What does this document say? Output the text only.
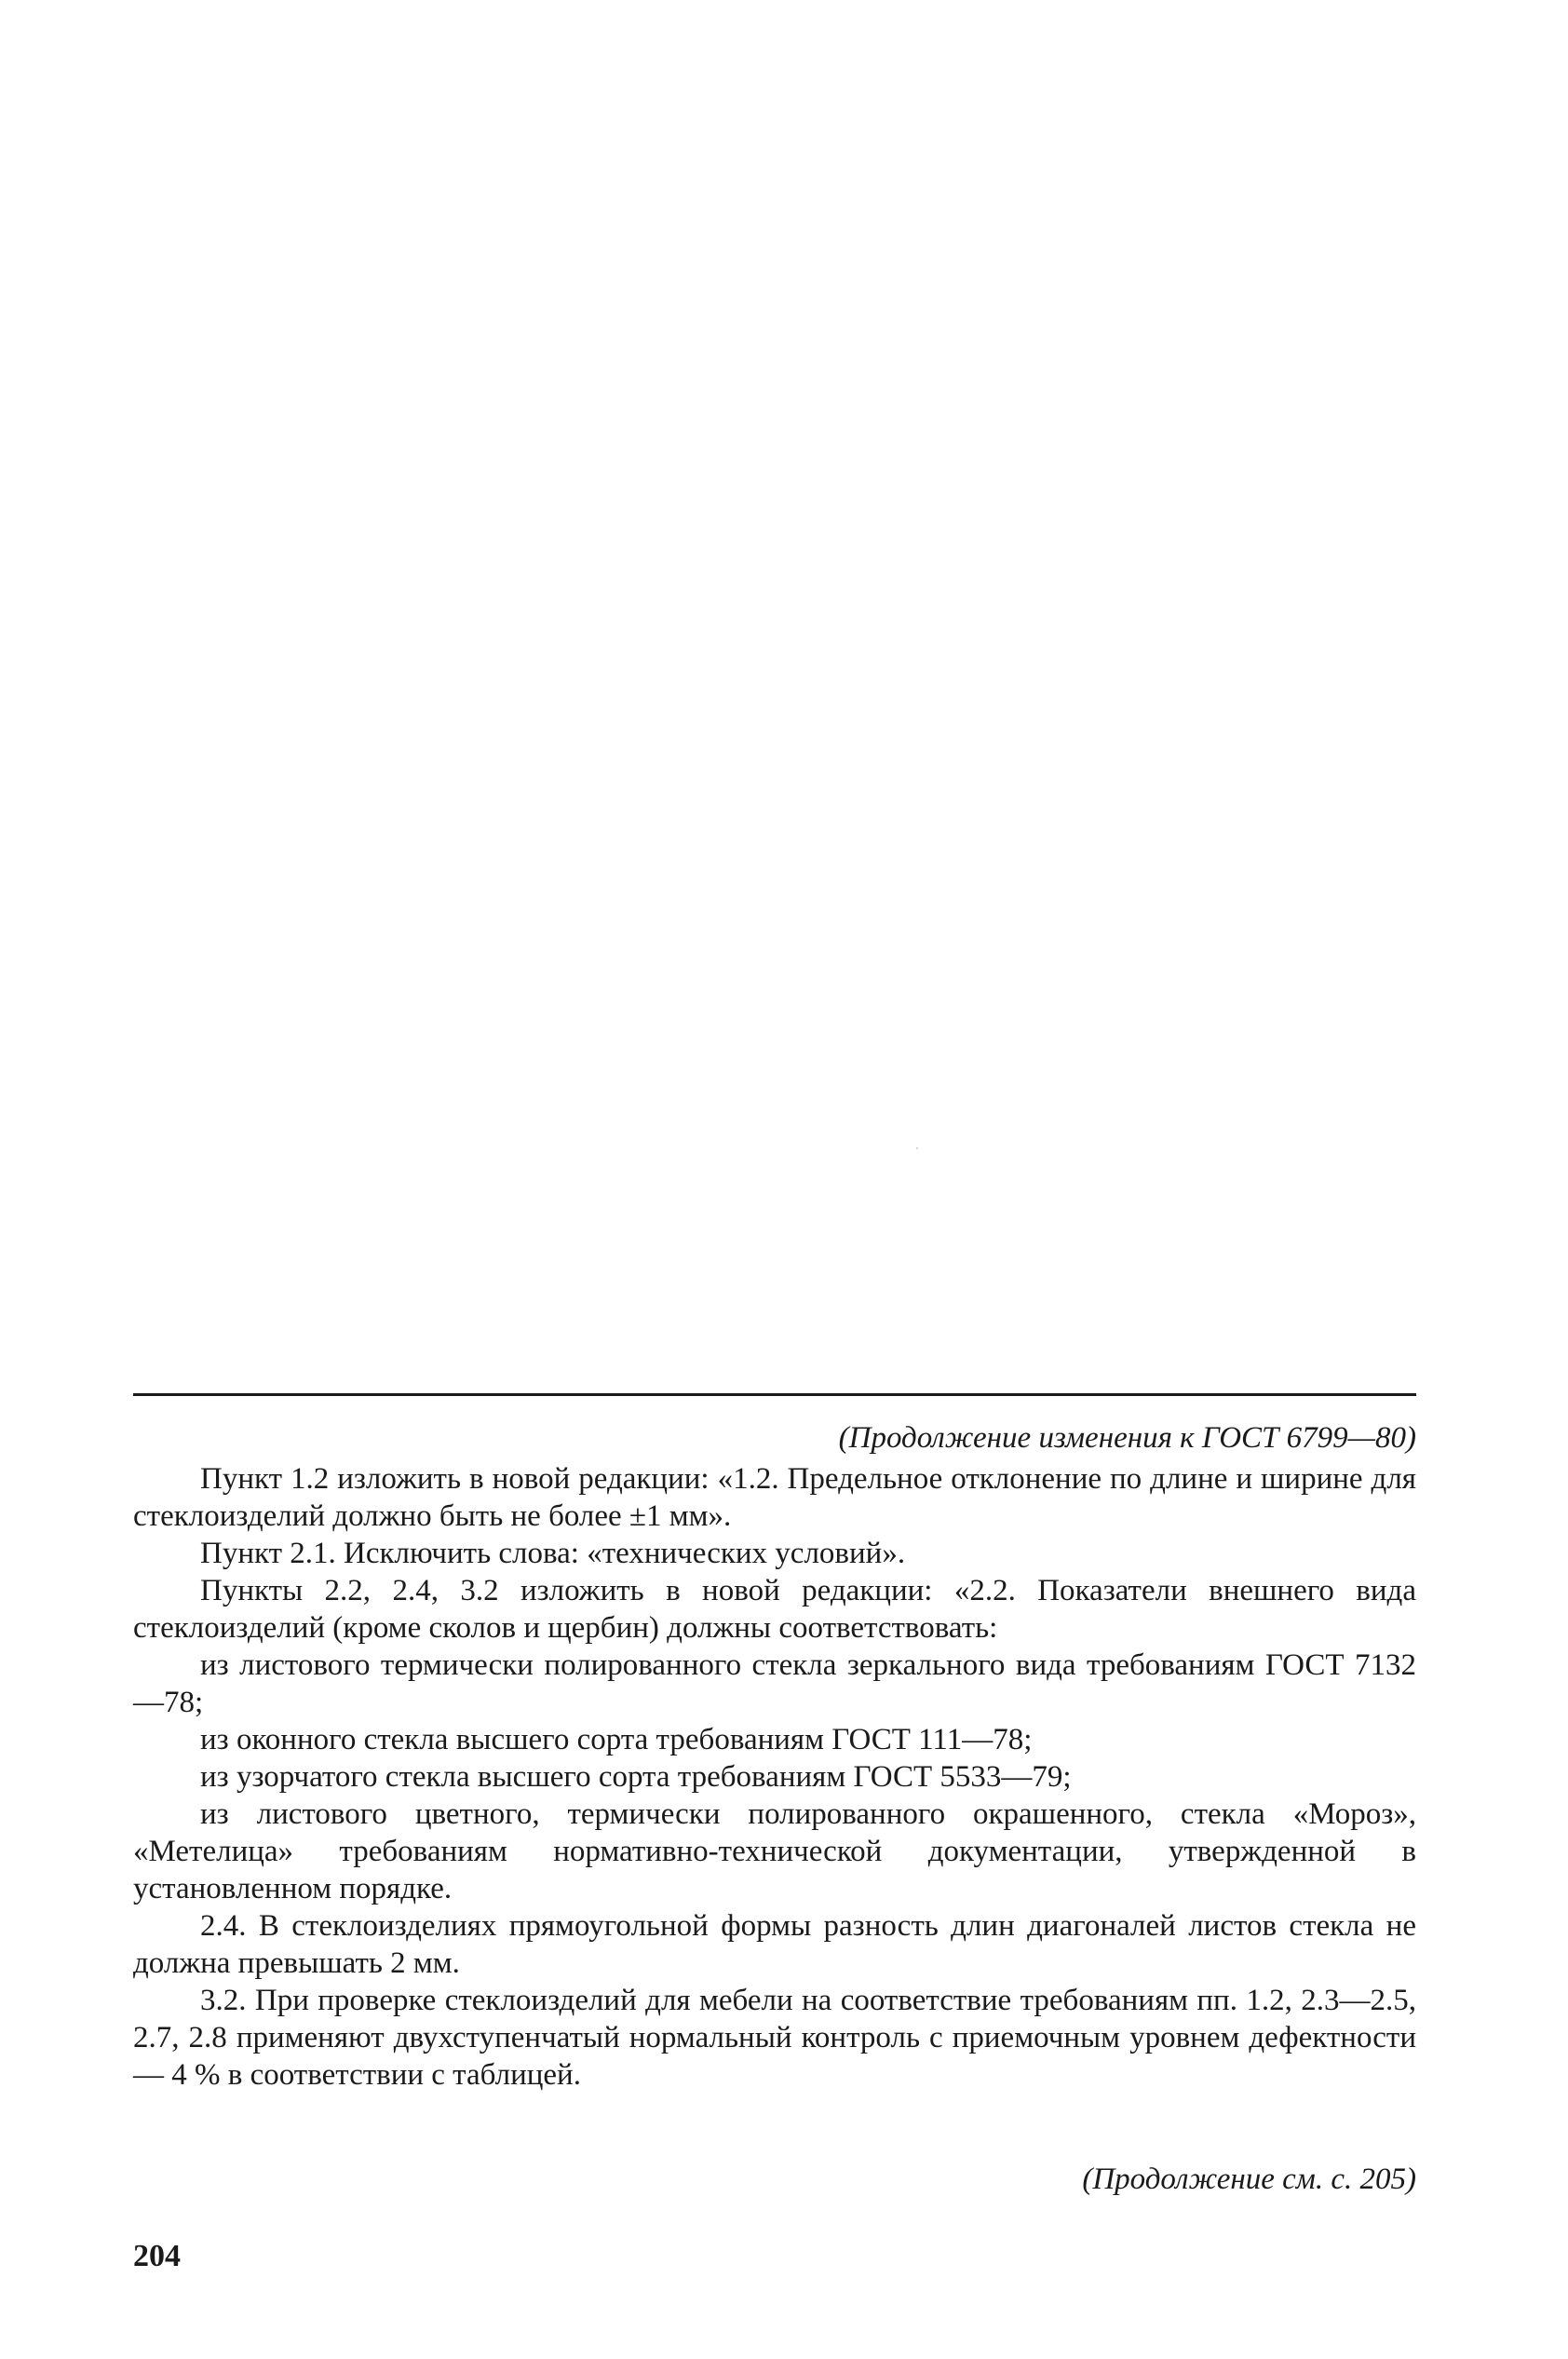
(Продолжение изменения к ГОСТ 6799—80)

Пункт 1.2 изложить в новой редакции: «1.2. Предельное отклонение по длине и ширине для стеклоизделий должно быть не более ±1 мм».

Пункт 2.1. Исключить слова: «технических условий».

Пункты 2.2, 2.4, 3.2 изложить в новой редакции: «2.2. Показатели внешнего вида стеклоизделий (кроме сколов и щербин) должны соответствовать:

из листового термически полированного стекла зеркального вида требованиям ГОСТ 7132—78;

из оконного стекла высшего сорта требованиям ГОСТ 111—78;

из узорчатого стекла высшего сорта требованиям ГОСТ 5533—79;

из листового цветного, термически полированного окрашенного, стекла «Мороз», «Метелица» требованиям нормативно-технической документации, утвержденной в установленном порядке.

2.4. В стеклоизделиях прямоугольной формы разность длин диагоналей листов стекла не должна превышать 2 мм.

3.2. При проверке стеклоизделий для мебели на соответствие требованиям пп. 1.2, 2.3—2.5, 2.7, 2.8 применяют двухступенчатый нормальный контроль с приемочным уровнем дефектности — 4 % в соответствии с таблицей.

(Продолжение см. с. 205)
204
